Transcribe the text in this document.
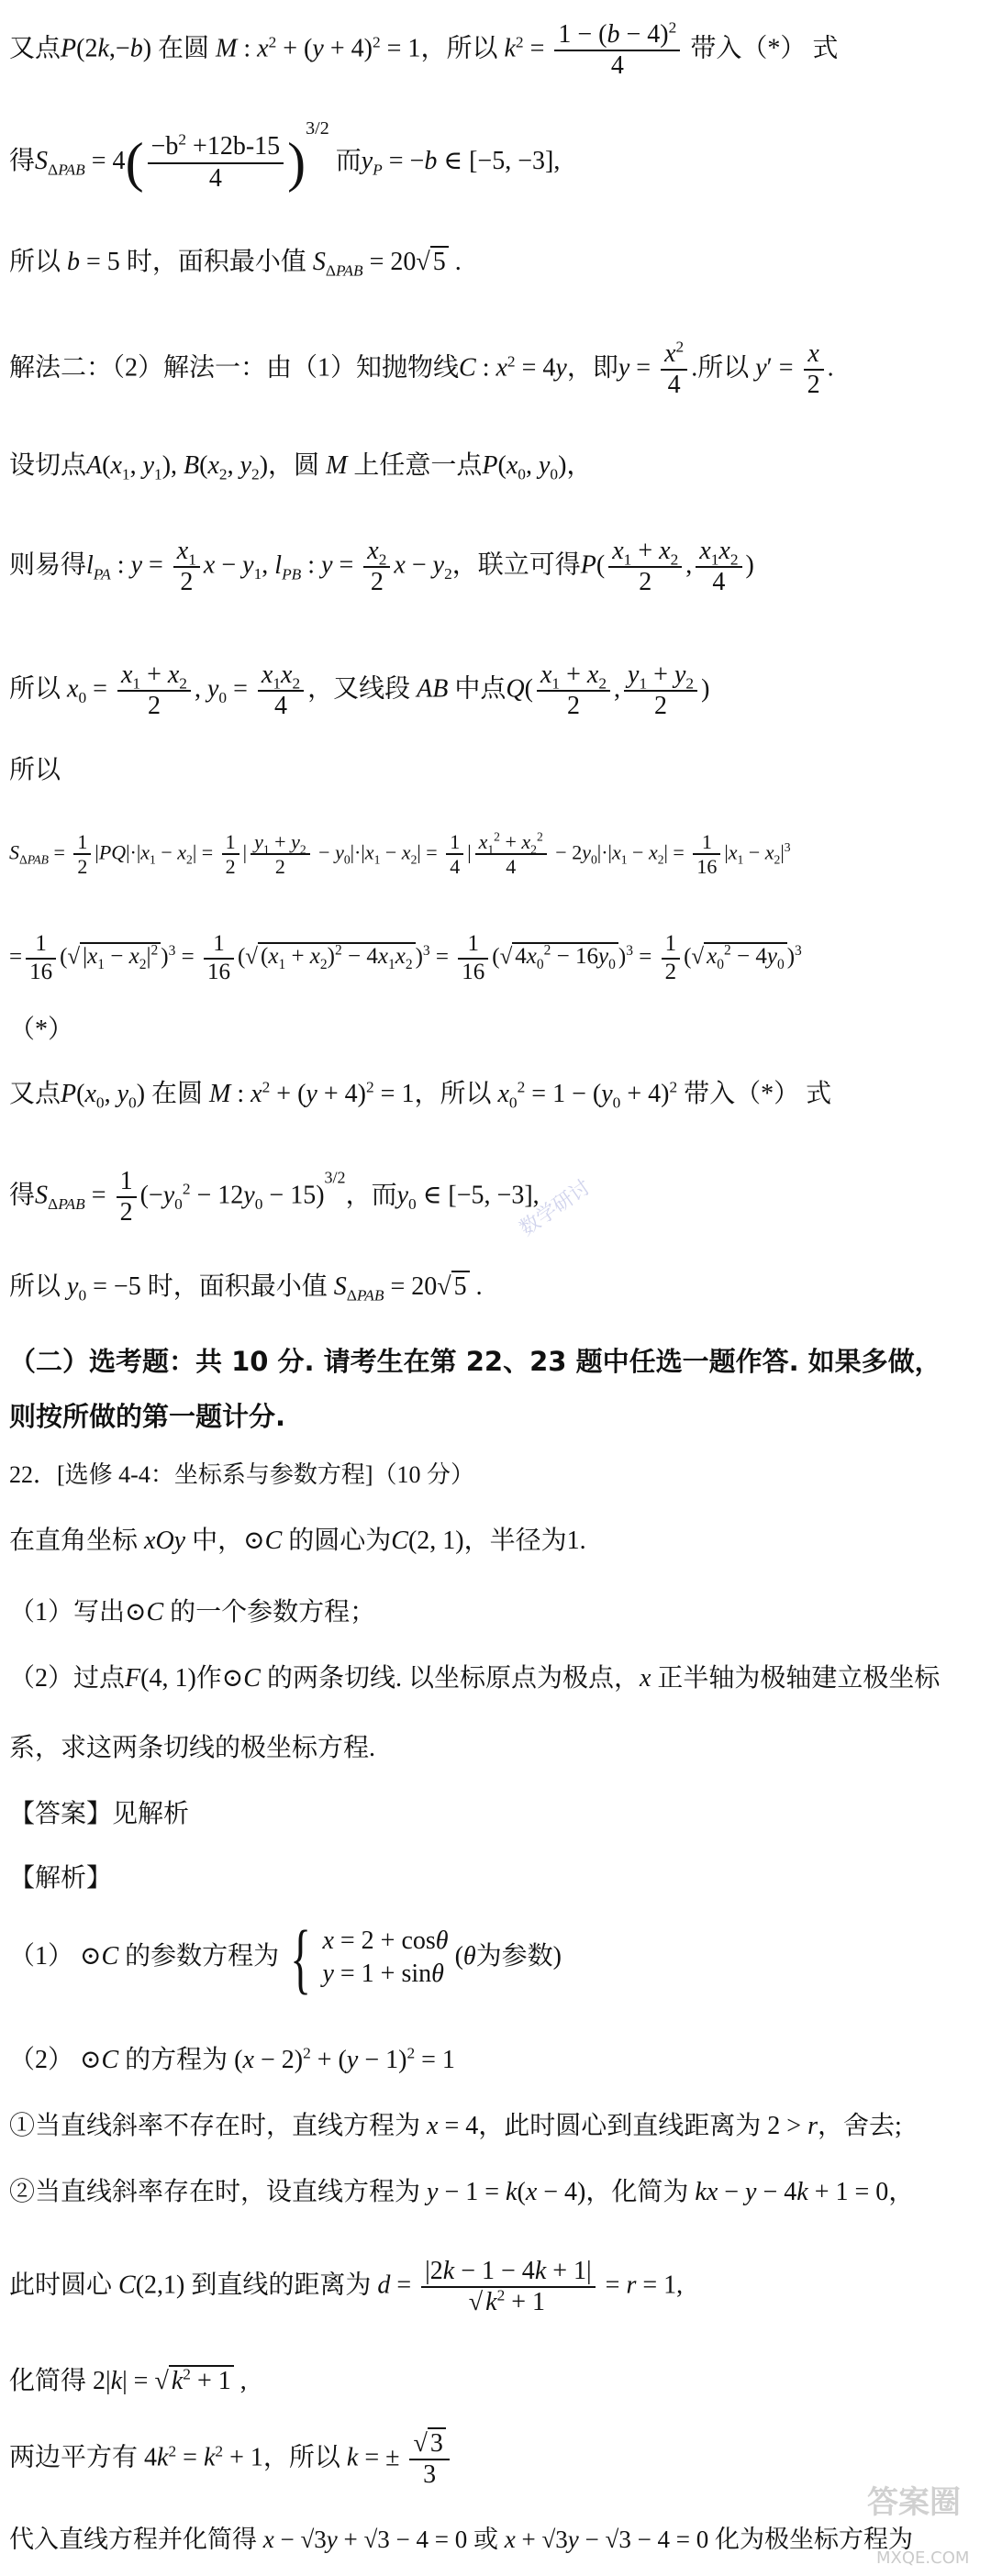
又点P(2k,−b) 在圆 M : $x^2 + (y + 4)^2 = 1$，所以 $k^2 = \frac{1 - (b - 4)^2}{4}$ 带入（*） 式
得$S_{\Delta PAB} = 4( \frac{-b^2 +12b-15}{4} )^{3/2}$ 而$y_P = -b$ ∈ [−5, −3],
所以 b = 5 时，面积最小值 $S_{\Delta PAB} = 20√$ 5 .
解法二：（2）解法一：由（1）知抛物线C : $x^2 = 4y$，即$y = \frac{x^2}{4}$ .所以 $y' = \frac{x}{2}$ .
设切点$A(x_1$, $y_1$), $B(x_2$, $y_2$)，圆 M 上任意一点$P(x_0$, $y_0$)，
则易得$l_{PA}$ : $y = \frac{x_1}{2}$ $x - y_1$, $l_{PB}$ : $y = \frac{x_2}{2}$ $x - y_2$，联立可得$P( \frac{x_1 + x_2}{2}$ , $\frac{x_1x_2}{4}$ )
所以 $x_0 = \frac{x_1 + x_2}{2}$ , $y_0 = \frac{x_1x_2}{4}$ ，又线段 AB 中点$Q( \frac{x_1 + x_2}{2}$ , $\frac{y_1 + y_2}{2}$ )
所以
$S_{\Delta PAB} = \frac{1}{2} |PQ|\cdot|x_1 - x_2| = \frac{1}{2}$ | $\frac{y_1 + y_2}{2} - y_0|\cdot|x_1 - x_2| = \frac{1}{4}$ | $\frac{x_1^2 + x_2^2}{4} - 2y_0|\cdot|x_1 - x_2| = \frac{1}{16} |x_1 - x_2|^3$
= $\frac{1}{16}$ (√ $|x_1 - x_2|^2$ )$^3 = \frac{1}{16}$ (√ $(x_1 + x_2)^2 - 4x_1x_2$ )$^3 = \frac{1}{16}$ (√ $4x_0^2 - 16y_0$ )$^3 = \frac{1}{2}$ (√ $x_0^2 - 4y_0$ )$^3$
（*）
又点$P(x_0$, $y_0$) 在圆 M : $x^2 + (y + 4)^2 = 1$，所以 $x_0^2 = 1 - (y_0 + 4)^2$ 带入（*） 式
得$S_{\Delta PAB} = \frac{1}{2} (-y_0^2 - 12y_0 - 15)^{3/2}$，而$y_0$ ∈ [−5, −3],
所以 $y_0 = -5$ 时，面积最小值 $S_{\Delta PAB} = 20√$ 5 .
（二）选考题：共 10 分. 请考生在第 22、23 题中任选一题作答. 如果多做，
则按所做的第一题计分.
22．[选修 4-4：坐标系与参数方程]（10 分）
在直角坐标 xOy 中，⊙C 的圆心为C(2, 1)，半径为1.
（1）写出⊙C 的一个参数方程；
（2）过点F(4, 1)作⊙C 的两条切线. 以坐标原点为极点，x 正半轴为极轴建立极坐标
系，求这两条切线的极坐标方程.
【答案】见解析
【解析】
（1） ⊙C 的参数方程为 { x = 2 + cosθ
y = 1 + sinθ
(θ为参数)
（2） ⊙C 的方程为 $(x - 2)^2 + (y - 1)^2 = 1$
①当直线斜率不存在时，直线方程为 x = 4，此时圆心到直线距离为 2 > r，舍去;
②当直线斜率存在时，设直线方程为 y − 1 = k(x − 4)，化简为 kx − y − 4k + 1 = 0，
此时圆心 C(2,1) 到直线的距离为 $d = \frac{|2k - 1 - 4k + 1|}{√ k^2 + 1} = r = 1$,
化简得 2|k| = √ $k^2 + 1$ ,
两边平方有 $4k^2 = k^2 + 1$，所以 k = ± $\frac{√ 3}{3}$
代入直线方程并化简得 x − √3y + √3 − 4 = 0 或 x + √3y − √3 − 4 = 0 化为极坐标方程为
数学研讨
答案圈
MXQE.COM
